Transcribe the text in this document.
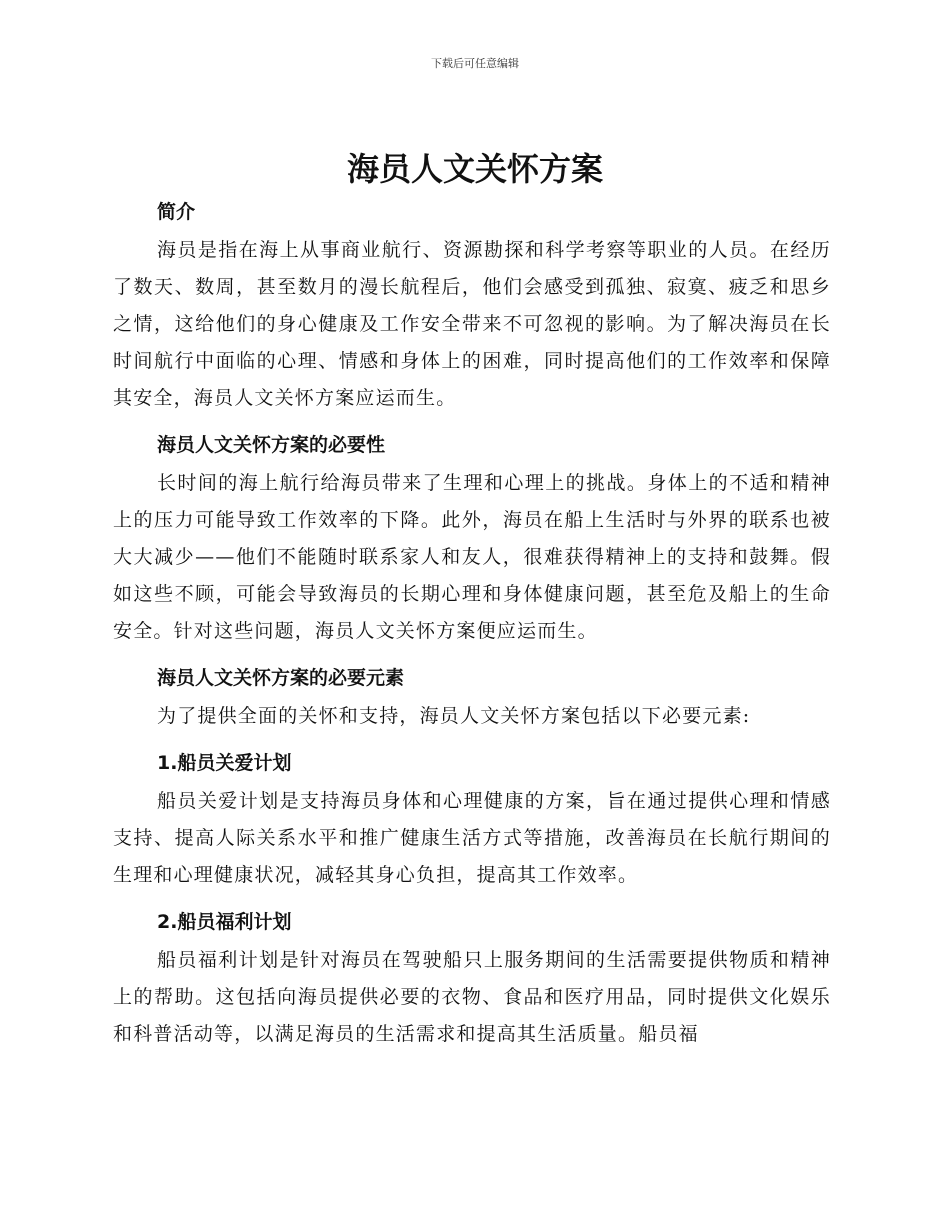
下载后可任意编辑
海员人文关怀方案
简介

海员是指在海上从事商业航行、资源勘探和科学考察等职业的人员。在经历了数天、数周，甚至数月的漫长航程后，他们会感受到孤独、寂寞、疲乏和思乡之情，这给他们的身心健康及工作安全带来不可忽视的影响。为了解决海员在长时间航行中面临的心理、情感和身体上的困难，同时提高他们的工作效率和保障其安全，海员人文关怀方案应运而生。

海员人文关怀方案的必要性

长时间的海上航行给海员带来了生理和心理上的挑战。身体上的不适和精神上的压力可能导致工作效率的下降。此外，海员在船上生活时与外界的联系也被大大减少——他们不能随时联系家人和友人，很难获得精神上的支持和鼓舞。假如这些不顾，可能会导致海员的长期心理和身体健康问题，甚至危及船上的生命安全。针对这些问题，海员人文关怀方案便应运而生。

海员人文关怀方案的必要元素

为了提供全面的关怀和支持，海员人文关怀方案包括以下必要元素:

1.船员关爱计划

船员关爱计划是支持海员身体和心理健康的方案，旨在通过提供心理和情感支持、提高人际关系水平和推广健康生活方式等措施，改善海员在长航行期间的生理和心理健康状况，减轻其身心负担，提高其工作效率。

2.船员福利计划

船员福利计划是针对海员在驾驶船只上服务期间的生活需要提供物质和精神上的帮助。这包括向海员提供必要的衣物、食品和医疗用品，同时提供文化娱乐和科普活动等，以满足海员的生活需求和提高其生活质量。船员福
